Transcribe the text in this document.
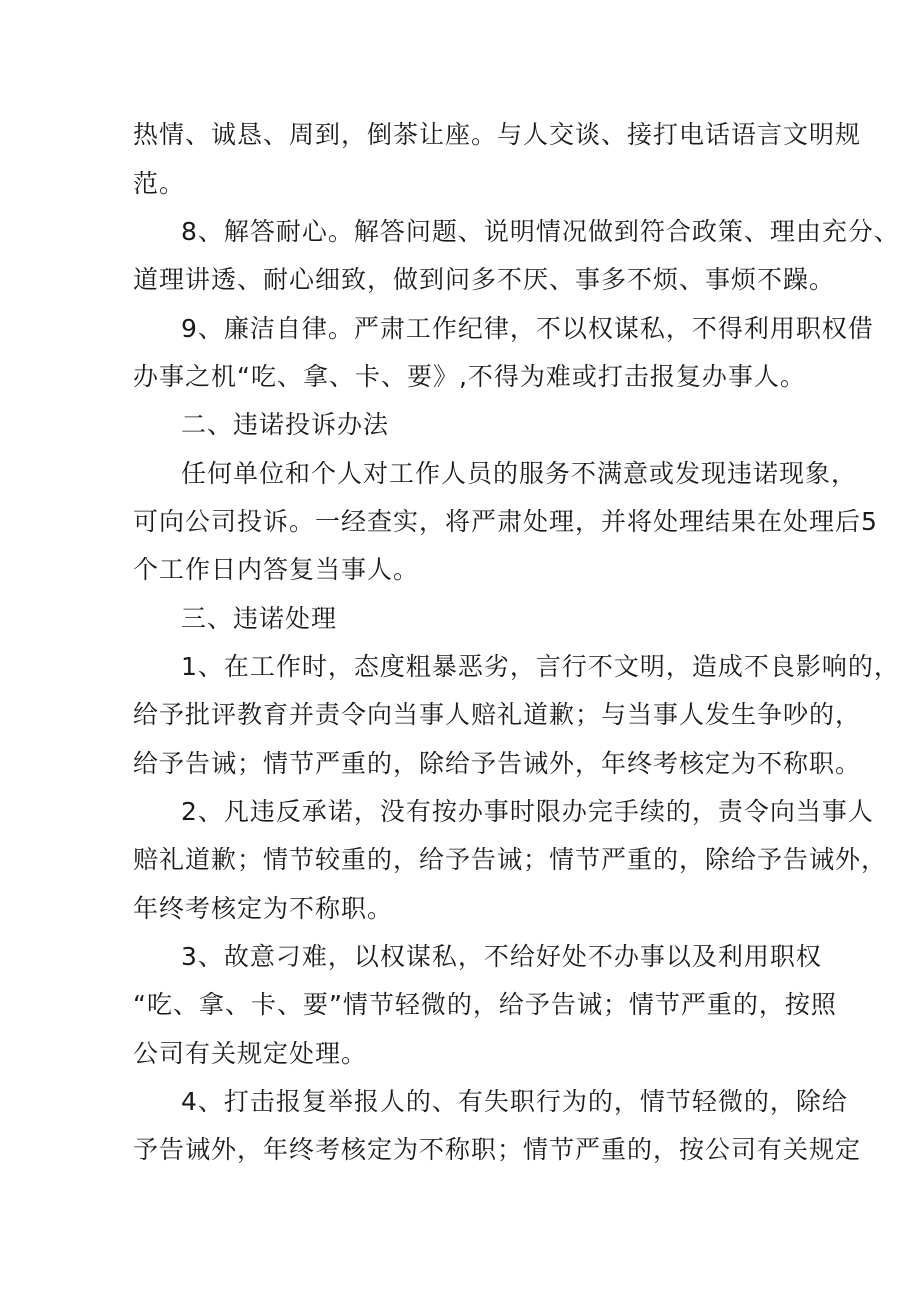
热情、诚恳、周到，倒茶让座。与人交谈、接打电话语言文明规
范。
8、解答耐心。解答问题、说明情况做到符合政策、理由充分、
道理讲透、耐心细致，做到问多不厌、事多不烦、事烦不躁。
9、廉洁自律。严肃工作纪律，不以权谋私，不得利用职权借
办事之机“吃、拿、卡、要》,不得为难或打击报复办事人。
二、违诺投诉办法
任何单位和个人对工作人员的服务不满意或发现违诺现象，
可向公司投诉。一经查实，将严肃处理，并将处理结果在处理后5
个工作日内答复当事人。
三、违诺处理
1、在工作时，态度粗暴恶劣，言行不文明，造成不良影响的，
给予批评教育并责令向当事人赔礼道歉；与当事人发生争吵的，
给予告诫；情节严重的，除给予告诫外，年终考核定为不称职。
2、凡违反承诺，没有按办事时限办完手续的，责令向当事人
赔礼道歉；情节较重的，给予告诫；情节严重的，除给予告诫外，
年终考核定为不称职。
3、故意刁难，以权谋私，不给好处不办事以及利用职权
“吃、拿、卡、要”情节轻微的，给予告诫；情节严重的，按照
公司有关规定处理。
4、打击报复举报人的、有失职行为的，情节轻微的，除给
予告诫外，年终考核定为不称职；情节严重的，按公司有关规定
